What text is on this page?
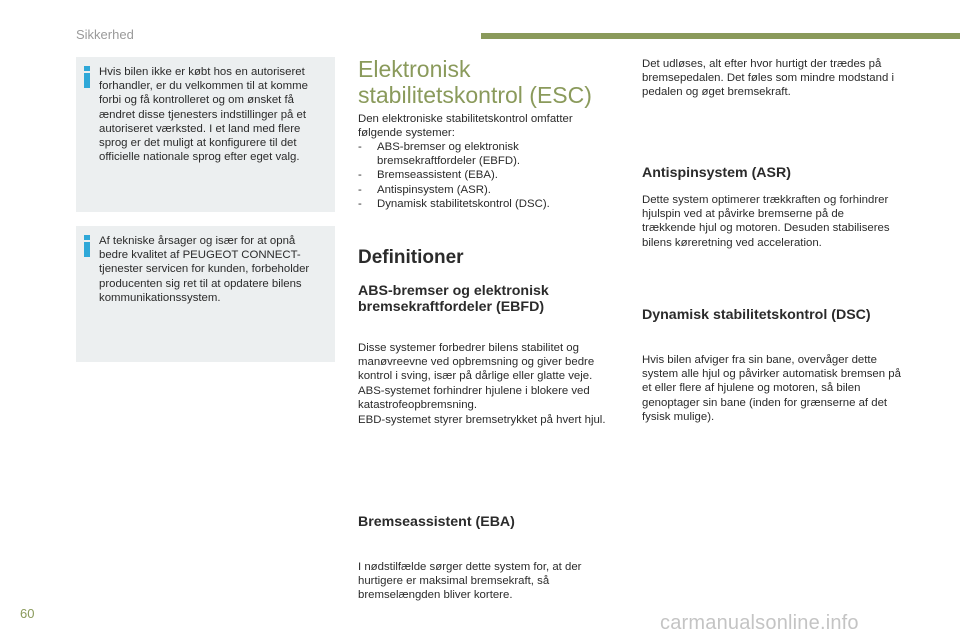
Sikkerhed
Hvis bilen ikke er købt hos en autoriseret forhandler, er du velkommen til at komme forbi og få kontrolleret og om ønsket få ændret disse tjenesters indstillinger på et autoriseret værksted. I et land med flere sprog er det muligt at konfigurere til det officielle nationale sprog efter eget valg.
Af tekniske årsager og især for at opnå bedre kvalitet af PEUGEOT CONNECT-tjenester servicen for kunden, forbeholder producenten sig ret til at opdatere bilens kommunikationssystem.
Elektronisk stabilitetskontrol (ESC)

Den elektroniske stabilitetskontrol omfatter følgende systemer:

- ABS-bremser og elektronisk bremsekraftfordeler (EBFD).
- Bremseassistent (EBA).
- Antispinsystem (ASR).
- Dynamisk stabilitetskontrol (DSC).
Definitioner
ABS-bremser og elektronisk bremsekraftfordeler (EBFD)

Disse systemer forbedrer bilens stabilitet og manøvreevne ved opbremsning og giver bedre kontrol i sving, især på dårlige eller glatte veje. ABS-systemet forhindrer hjulene i blokere ved katastrofeopbremsning.

EBD-systemet styrer bremsetrykket på hvert hjul.

Bremseassistent (EBA)

I nødstilfælde sørger dette system for, at der hurtigere er maksimal bremsekraft, så bremselængden bliver kortere.

Det udløses, alt efter hvor hurtigt der trædes på bremsepedalen. Det føles som mindre modstand i pedalen og øget bremsekraft.

Antispinsystem (ASR)

Dette system optimerer trækkraften og forhindrer hjulspin ved at påvirke bremserne på de trækkende hjul og motoren. Desuden stabiliseres bilens køreretning ved acceleration.

Dynamisk stabilitetskontrol (DSC)

Hvis bilen afviger fra sin bane, overvåger dette system alle hjul og påvirker automatisk bremsen på et eller flere af hjulene og motoren, så bilen genoptager sin bane (inden for grænserne af det fysisk mulige).

60	carmanualsonline.info
